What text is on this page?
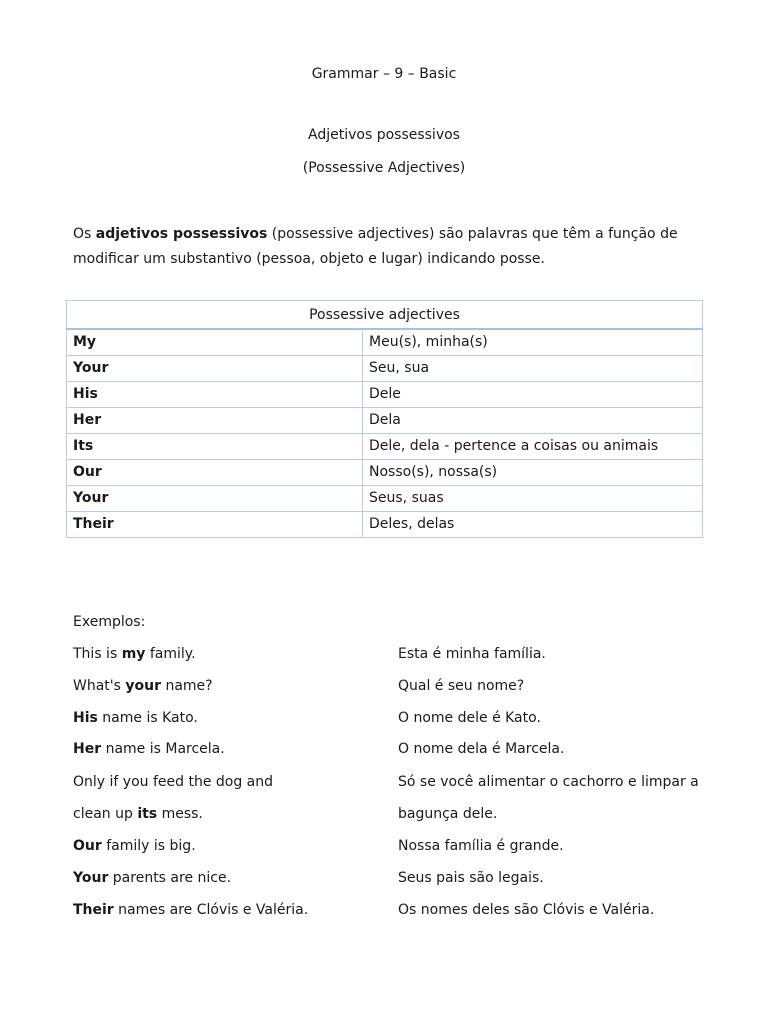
Grammar – 9 – Basic
Adjetivos possessivos
(Possessive Adjectives)
Os adjetivos possessivos (possessive adjectives) são palavras que têm a função de
modificar um substantivo (pessoa, objeto e lugar) indicando posse.
Possessive adjectives	
My	Meu(s), minha(s)
Your	Seu, sua
His	Dele
Her	Dela
Its	Dele, dela - pertence a coisas ou animais
Our	Nosso(s), nossa(s)
Your	Seus, suas
Their	Deles, delas
Exemplos:
This is my family.	Esta é minha família.
What's your name?	Qual é seu nome?
His name is Kato.	O nome dele é Kato.
Her name is Marcela.	O nome dela é Marcela.
Only if you feed the dog and	Só se você alimentar o cachorro e limpar a
clean up its mess.	bagunça dele.
Our family is big.	Nossa família é grande.
Your parents are nice.	Seus pais são legais.
Their names are Clóvis e Valéria.	Os nomes deles são Clóvis e Valéria.
